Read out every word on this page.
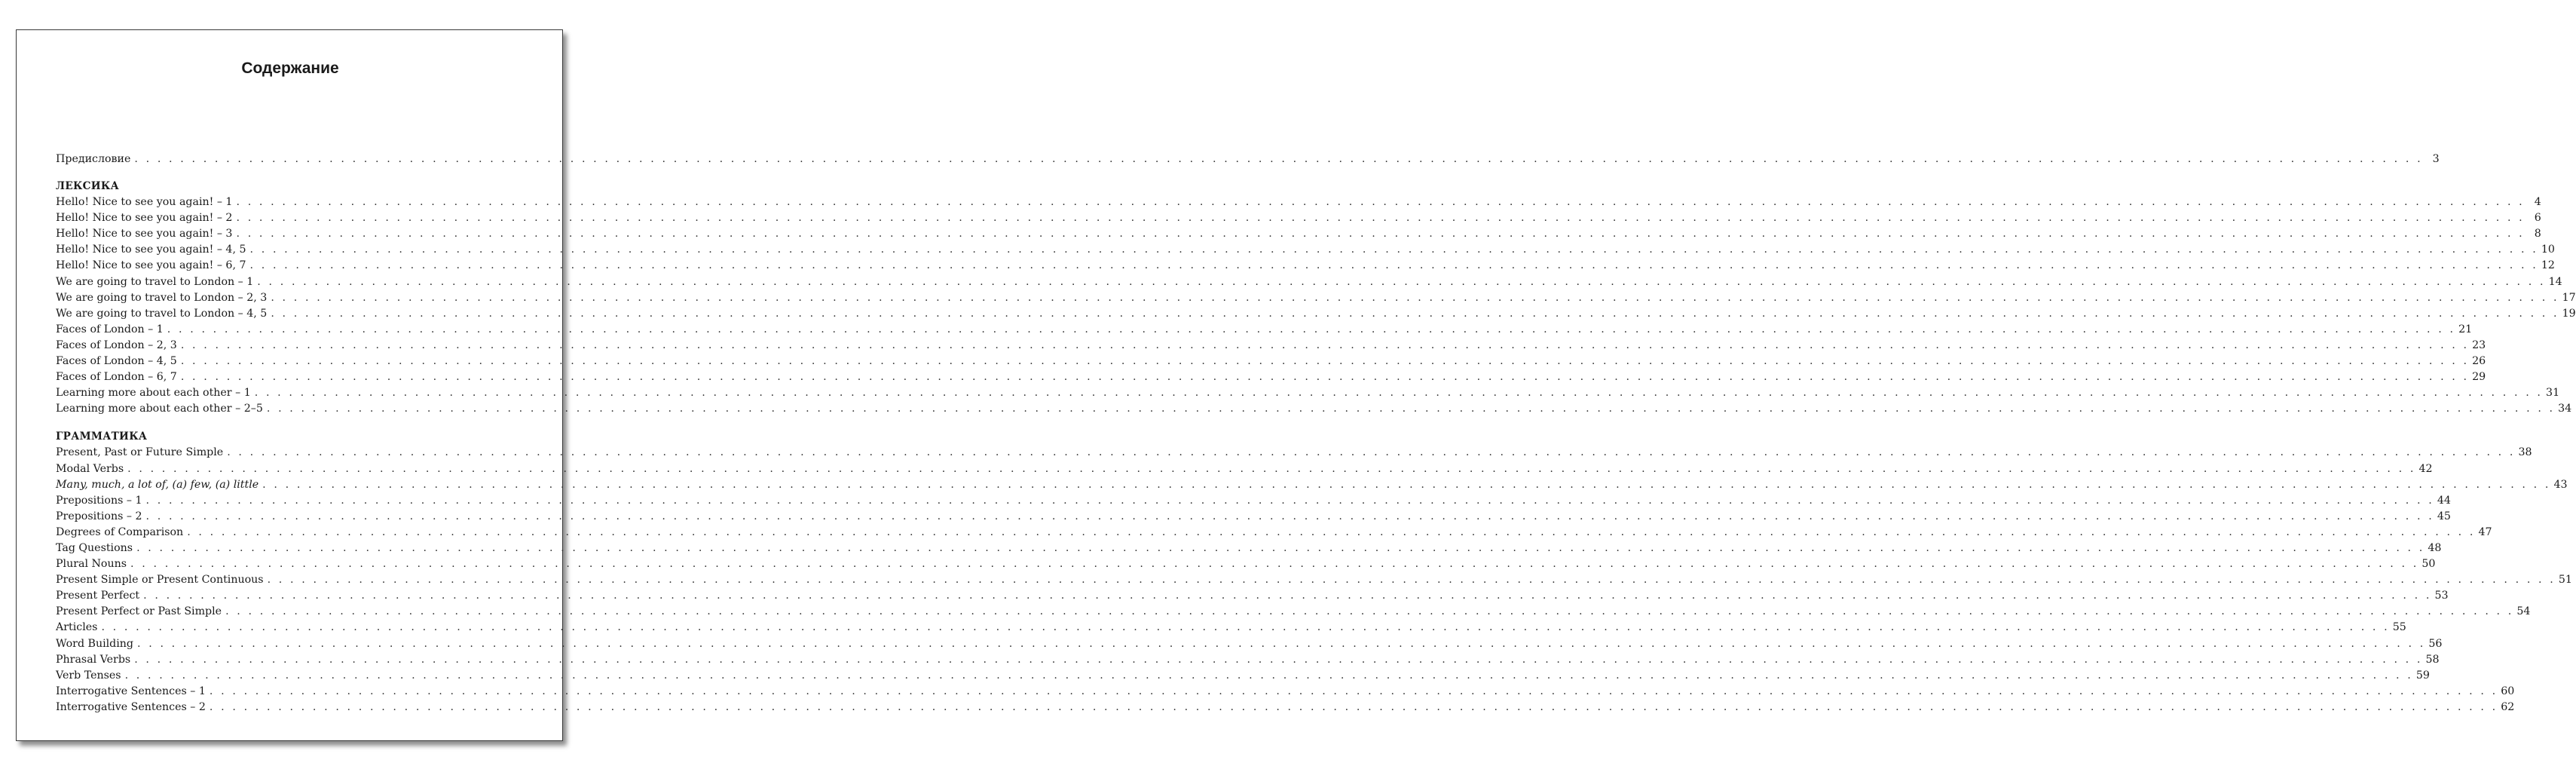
Содержание
Предисловие . . . . . . . . . . . . . . . . . . . . . . . . . . . . . . . . . . . . . . . . . . . . . . . . . . . . . . . . . . . . . . . . . . . . . . . . . . . . . . . . . . . . . . . . . . . . . . . . . . . . . . . . . . . . . . . . . . . . . . . . . . . . . . . . . . . . . . . . . . . . . . . . . . . . . . . . . . . . . . . . . . . . . . . . . . . . . . . . . . . . . . . . . . . . . . . . . . . . . . . . 3
ЛЕКСИКА
Hello! Nice to see you again! – 1 . . . . . . . . . . . . . . . . . . . . . . . . . . . . . . . . . . . . . . . . . . . . . . . . . . . . . . . . . . . . . . . . . . . . . . . . . . . . . . . . . . . . . . . . . . . . . . . . . . . . . . . . . . . . . . . . . . . . . . . . . . . . . . . . . . . . . . . . . . . . . . . . . . . . . . . . . . . . . . . . . . . . . . . . . . . . . . . . . . . . . . . . . . . . . . . . . . . . . . . . 4
Hello! Nice to see you again! – 2 . . . . . . . . . . . . . . . . . . . . . . . . . . . . . . . . . . . . . . . . . . . . . . . . . . . . . . . . . . . . . . . . . . . . . . . . . . . . . . . . . . . . . . . . . . . . . . . . . . . . . . . . . . . . . . . . . . . . . . . . . . . . . . . . . . . . . . . . . . . . . . . . . . . . . . . . . . . . . . . . . . . . . . . . . . . . . . . . . . . . . . . . . . . . . . . . . . . . . . . . 6
Hello! Nice to see you again! – 3 . . . . . . . . . . . . . . . . . . . . . . . . . . . . . . . . . . . . . . . . . . . . . . . . . . . . . . . . . . . . . . . . . . . . . . . . . . . . . . . . . . . . . . . . . . . . . . . . . . . . . . . . . . . . . . . . . . . . . . . . . . . . . . . . . . . . . . . . . . . . . . . . . . . . . . . . . . . . . . . . . . . . . . . . . . . . . . . . . . . . . . . . . . . . . . . . . . . . . . . . 8
Hello! Nice to see you again! – 4, 5 . . . . . . . . . . . . . . . . . . . . . . . . . . . . . . . . . . . . . . . . . . . . . . . . . . . . . . . . . . . . . . . . . . . . . . . . . . . . . . . . . . . . . . . . . . . . . . . . . . . . . . . . . . . . . . . . . . . . . . . . . . . . . . . . . . . . . . . . . . . . . . . . . . . . . . . . . . . . . . . . . . . . . . . . . . . . . . . . . . . . . . . . . . . . . . . . . . . . . . . . 10
Hello! Nice to see you again! – 6, 7 . . . . . . . . . . . . . . . . . . . . . . . . . . . . . . . . . . . . . . . . . . . . . . . . . . . . . . . . . . . . . . . . . . . . . . . . . . . . . . . . . . . . . . . . . . . . . . . . . . . . . . . . . . . . . . . . . . . . . . . . . . . . . . . . . . . . . . . . . . . . . . . . . . . . . . . . . . . . . . . . . . . . . . . . . . . . . . . . . . . . . . . . . . . . . . . . . . . . . . . . 12
We are going to travel to London – 1 . . . . . . . . . . . . . . . . . . . . . . . . . . . . . . . . . . . . . . . . . . . . . . . . . . . . . . . . . . . . . . . . . . . . . . . . . . . . . . . . . . . . . . . . . . . . . . . . . . . . . . . . . . . . . . . . . . . . . . . . . . . . . . . . . . . . . . . . . . . . . . . . . . . . . . . . . . . . . . . . . . . . . . . . . . . . . . . . . . . . . . . . . . . . . . . . . . . . . . . . 14
We are going to travel to London – 2, 3 . . . . . . . . . . . . . . . . . . . . . . . . . . . . . . . . . . . . . . . . . . . . . . . . . . . . . . . . . . . . . . . . . . . . . . . . . . . . . . . . . . . . . . . . . . . . . . . . . . . . . . . . . . . . . . . . . . . . . . . . . . . . . . . . . . . . . . . . . . . . . . . . . . . . . . . . . . . . . . . . . . . . . . . . . . . . . . . . . . . . . . . . . . . . . . . . . . . . . . . . 17
We are going to travel to London – 4, 5 . . . . . . . . . . . . . . . . . . . . . . . . . . . . . . . . . . . . . . . . . . . . . . . . . . . . . . . . . . . . . . . . . . . . . . . . . . . . . . . . . . . . . . . . . . . . . . . . . . . . . . . . . . . . . . . . . . . . . . . . . . . . . . . . . . . . . . . . . . . . . . . . . . . . . . . . . . . . . . . . . . . . . . . . . . . . . . . . . . . . . . . . . . . . . . . . . . . . . . . . 19
Faces of London – 1 . . . . . . . . . . . . . . . . . . . . . . . . . . . . . . . . . . . . . . . . . . . . . . . . . . . . . . . . . . . . . . . . . . . . . . . . . . . . . . . . . . . . . . . . . . . . . . . . . . . . . . . . . . . . . . . . . . . . . . . . . . . . . . . . . . . . . . . . . . . . . . . . . . . . . . . . . . . . . . . . . . . . . . . . . . . . . . . . . . . . . . . . . . . . . . . . . . . . . . . . 21
Faces of London – 2, 3 . . . . . . . . . . . . . . . . . . . . . . . . . . . . . . . . . . . . . . . . . . . . . . . . . . . . . . . . . . . . . . . . . . . . . . . . . . . . . . . . . . . . . . . . . . . . . . . . . . . . . . . . . . . . . . . . . . . . . . . . . . . . . . . . . . . . . . . . . . . . . . . . . . . . . . . . . . . . . . . . . . . . . . . . . . . . . . . . . . . . . . . . . . . . . . . . . . . . . . . . 23
Faces of London – 4, 5 . . . . . . . . . . . . . . . . . . . . . . . . . . . . . . . . . . . . . . . . . . . . . . . . . . . . . . . . . . . . . . . . . . . . . . . . . . . . . . . . . . . . . . . . . . . . . . . . . . . . . . . . . . . . . . . . . . . . . . . . . . . . . . . . . . . . . . . . . . . . . . . . . . . . . . . . . . . . . . . . . . . . . . . . . . . . . . . . . . . . . . . . . . . . . . . . . . . . . . . . 26
Faces of London – 6, 7 . . . . . . . . . . . . . . . . . . . . . . . . . . . . . . . . . . . . . . . . . . . . . . . . . . . . . . . . . . . . . . . . . . . . . . . . . . . . . . . . . . . . . . . . . . . . . . . . . . . . . . . . . . . . . . . . . . . . . . . . . . . . . . . . . . . . . . . . . . . . . . . . . . . . . . . . . . . . . . . . . . . . . . . . . . . . . . . . . . . . . . . . . . . . . . . . . . . . . . . . 29
Learning more about each other – 1 . . . . . . . . . . . . . . . . . . . . . . . . . . . . . . . . . . . . . . . . . . . . . . . . . . . . . . . . . . . . . . . . . . . . . . . . . . . . . . . . . . . . . . . . . . . . . . . . . . . . . . . . . . . . . . . . . . . . . . . . . . . . . . . . . . . . . . . . . . . . . . . . . . . . . . . . . . . . . . . . . . . . . . . . . . . . . . . . . . . . . . . . . . . . . . . . . . . . . . . . 31
Learning more about each other – 2–5 . . . . . . . . . . . . . . . . . . . . . . . . . . . . . . . . . . . . . . . . . . . . . . . . . . . . . . . . . . . . . . . . . . . . . . . . . . . . . . . . . . . . . . . . . . . . . . . . . . . . . . . . . . . . . . . . . . . . . . . . . . . . . . . . . . . . . . . . . . . . . . . . . . . . . . . . . . . . . . . . . . . . . . . . . . . . . . . . . . . . . . . . . . . . . . . . . . . . . . . . 34
ГРАММАТИКА
Present, Past or Future Simple . . . . . . . . . . . . . . . . . . . . . . . . . . . . . . . . . . . . . . . . . . . . . . . . . . . . . . . . . . . . . . . . . . . . . . . . . . . . . . . . . . . . . . . . . . . . . . . . . . . . . . . . . . . . . . . . . . . . . . . . . . . . . . . . . . . . . . . . . . . . . . . . . . . . . . . . . . . . . . . . . . . . . . . . . . . . . . . . . . . . . . . . . . . . . . . . . . . . . . . . 38
Modal Verbs . . . . . . . . . . . . . . . . . . . . . . . . . . . . . . . . . . . . . . . . . . . . . . . . . . . . . . . . . . . . . . . . . . . . . . . . . . . . . . . . . . . . . . . . . . . . . . . . . . . . . . . . . . . . . . . . . . . . . . . . . . . . . . . . . . . . . . . . . . . . . . . . . . . . . . . . . . . . . . . . . . . . . . . . . . . . . . . . . . . . . . . . . . . . . . . . . . . . . . . . 42
Many, much, a lot of, (a) few, (a) little . . . . . . . . . . . . . . . . . . . . . . . . . . . . . . . . . . . . . . . . . . . . . . . . . . . . . . . . . . . . . . . . . . . . . . . . . . . . . . . . . . . . . . . . . . . . . . . . . . . . . . . . . . . . . . . . . . . . . . . . . . . . . . . . . . . . . . . . . . . . . . . . . . . . . . . . . . . . . . . . . . . . . . . . . . . . . . . . . . . . . . . . . . . . . . . . . . . . . . . . 43
Prepositions – 1 . . . . . . . . . . . . . . . . . . . . . . . . . . . . . . . . . . . . . . . . . . . . . . . . . . . . . . . . . . . . . . . . . . . . . . . . . . . . . . . . . . . . . . . . . . . . . . . . . . . . . . . . . . . . . . . . . . . . . . . . . . . . . . . . . . . . . . . . . . . . . . . . . . . . . . . . . . . . . . . . . . . . . . . . . . . . . . . . . . . . . . . . . . . . . . . . . . . . . . . . 44
Prepositions – 2 . . . . . . . . . . . . . . . . . . . . . . . . . . . . . . . . . . . . . . . . . . . . . . . . . . . . . . . . . . . . . . . . . . . . . . . . . . . . . . . . . . . . . . . . . . . . . . . . . . . . . . . . . . . . . . . . . . . . . . . . . . . . . . . . . . . . . . . . . . . . . . . . . . . . . . . . . . . . . . . . . . . . . . . . . . . . . . . . . . . . . . . . . . . . . . . . . . . . . . . . 45
Degrees of Comparison . . . . . . . . . . . . . . . . . . . . . . . . . . . . . . . . . . . . . . . . . . . . . . . . . . . . . . . . . . . . . . . . . . . . . . . . . . . . . . . . . . . . . . . . . . . . . . . . . . . . . . . . . . . . . . . . . . . . . . . . . . . . . . . . . . . . . . . . . . . . . . . . . . . . . . . . . . . . . . . . . . . . . . . . . . . . . . . . . . . . . . . . . . . . . . . . . . . . . . . . 47
Tag Questions . . . . . . . . . . . . . . . . . . . . . . . . . . . . . . . . . . . . . . . . . . . . . . . . . . . . . . . . . . . . . . . . . . . . . . . . . . . . . . . . . . . . . . . . . . . . . . . . . . . . . . . . . . . . . . . . . . . . . . . . . . . . . . . . . . . . . . . . . . . . . . . . . . . . . . . . . . . . . . . . . . . . . . . . . . . . . . . . . . . . . . . . . . . . . . . . . . . . . . . . 48
Plural Nouns . . . . . . . . . . . . . . . . . . . . . . . . . . . . . . . . . . . . . . . . . . . . . . . . . . . . . . . . . . . . . . . . . . . . . . . . . . . . . . . . . . . . . . . . . . . . . . . . . . . . . . . . . . . . . . . . . . . . . . . . . . . . . . . . . . . . . . . . . . . . . . . . . . . . . . . . . . . . . . . . . . . . . . . . . . . . . . . . . . . . . . . . . . . . . . . . . . . . . . . . 50
Present Simple or Present Continuous . . . . . . . . . . . . . . . . . . . . . . . . . . . . . . . . . . . . . . . . . . . . . . . . . . . . . . . . . . . . . . . . . . . . . . . . . . . . . . . . . . . . . . . . . . . . . . . . . . . . . . . . . . . . . . . . . . . . . . . . . . . . . . . . . . . . . . . . . . . . . . . . . . . . . . . . . . . . . . . . . . . . . . . . . . . . . . . . . . . . . . . . . . . . . . . . . . . . . . . . 51
Present Perfect . . . . . . . . . . . . . . . . . . . . . . . . . . . . . . . . . . . . . . . . . . . . . . . . . . . . . . . . . . . . . . . . . . . . . . . . . . . . . . . . . . . . . . . . . . . . . . . . . . . . . . . . . . . . . . . . . . . . . . . . . . . . . . . . . . . . . . . . . . . . . . . . . . . . . . . . . . . . . . . . . . . . . . . . . . . . . . . . . . . . . . . . . . . . . . . . . . . . . . . . 53
Present Perfect or Past Simple . . . . . . . . . . . . . . . . . . . . . . . . . . . . . . . . . . . . . . . . . . . . . . . . . . . . . . . . . . . . . . . . . . . . . . . . . . . . . . . . . . . . . . . . . . . . . . . . . . . . . . . . . . . . . . . . . . . . . . . . . . . . . . . . . . . . . . . . . . . . . . . . . . . . . . . . . . . . . . . . . . . . . . . . . . . . . . . . . . . . . . . . . . . . . . . . . . . . . . . . 54
Articles . . . . . . . . . . . . . . . . . . . . . . . . . . . . . . . . . . . . . . . . . . . . . . . . . . . . . . . . . . . . . . . . . . . . . . . . . . . . . . . . . . . . . . . . . . . . . . . . . . . . . . . . . . . . . . . . . . . . . . . . . . . . . . . . . . . . . . . . . . . . . . . . . . . . . . . . . . . . . . . . . . . . . . . . . . . . . . . . . . . . . . . . . . . . . . . . . . . . . . . . 55
Word Building . . . . . . . . . . . . . . . . . . . . . . . . . . . . . . . . . . . . . . . . . . . . . . . . . . . . . . . . . . . . . . . . . . . . . . . . . . . . . . . . . . . . . . . . . . . . . . . . . . . . . . . . . . . . . . . . . . . . . . . . . . . . . . . . . . . . . . . . . . . . . . . . . . . . . . . . . . . . . . . . . . . . . . . . . . . . . . . . . . . . . . . . . . . . . . . . . . . . . . . . 56
Phrasal Verbs . . . . . . . . . . . . . . . . . . . . . . . . . . . . . . . . . . . . . . . . . . . . . . . . . . . . . . . . . . . . . . . . . . . . . . . . . . . . . . . . . . . . . . . . . . . . . . . . . . . . . . . . . . . . . . . . . . . . . . . . . . . . . . . . . . . . . . . . . . . . . . . . . . . . . . . . . . . . . . . . . . . . . . . . . . . . . . . . . . . . . . . . . . . . . . . . . . . . . . . . 58
Verb Tenses . . . . . . . . . . . . . . . . . . . . . . . . . . . . . . . . . . . . . . . . . . . . . . . . . . . . . . . . . . . . . . . . . . . . . . . . . . . . . . . . . . . . . . . . . . . . . . . . . . . . . . . . . . . . . . . . . . . . . . . . . . . . . . . . . . . . . . . . . . . . . . . . . . . . . . . . . . . . . . . . . . . . . . . . . . . . . . . . . . . . . . . . . . . . . . . . . . . . . . . . 59
Interrogative Sentences – 1 . . . . . . . . . . . . . . . . . . . . . . . . . . . . . . . . . . . . . . . . . . . . . . . . . . . . . . . . . . . . . . . . . . . . . . . . . . . . . . . . . . . . . . . . . . . . . . . . . . . . . . . . . . . . . . . . . . . . . . . . . . . . . . . . . . . . . . . . . . . . . . . . . . . . . . . . . . . . . . . . . . . . . . . . . . . . . . . . . . . . . . . . . . . . . . . . . . . . . . . . 60
Interrogative Sentences – 2 . . . . . . . . . . . . . . . . . . . . . . . . . . . . . . . . . . . . . . . . . . . . . . . . . . . . . . . . . . . . . . . . . . . . . . . . . . . . . . . . . . . . . . . . . . . . . . . . . . . . . . . . . . . . . . . . . . . . . . . . . . . . . . . . . . . . . . . . . . . . . . . . . . . . . . . . . . . . . . . . . . . . . . . . . . . . . . . . . . . . . . . . . . . . . . . . . . . . . . . . 62
